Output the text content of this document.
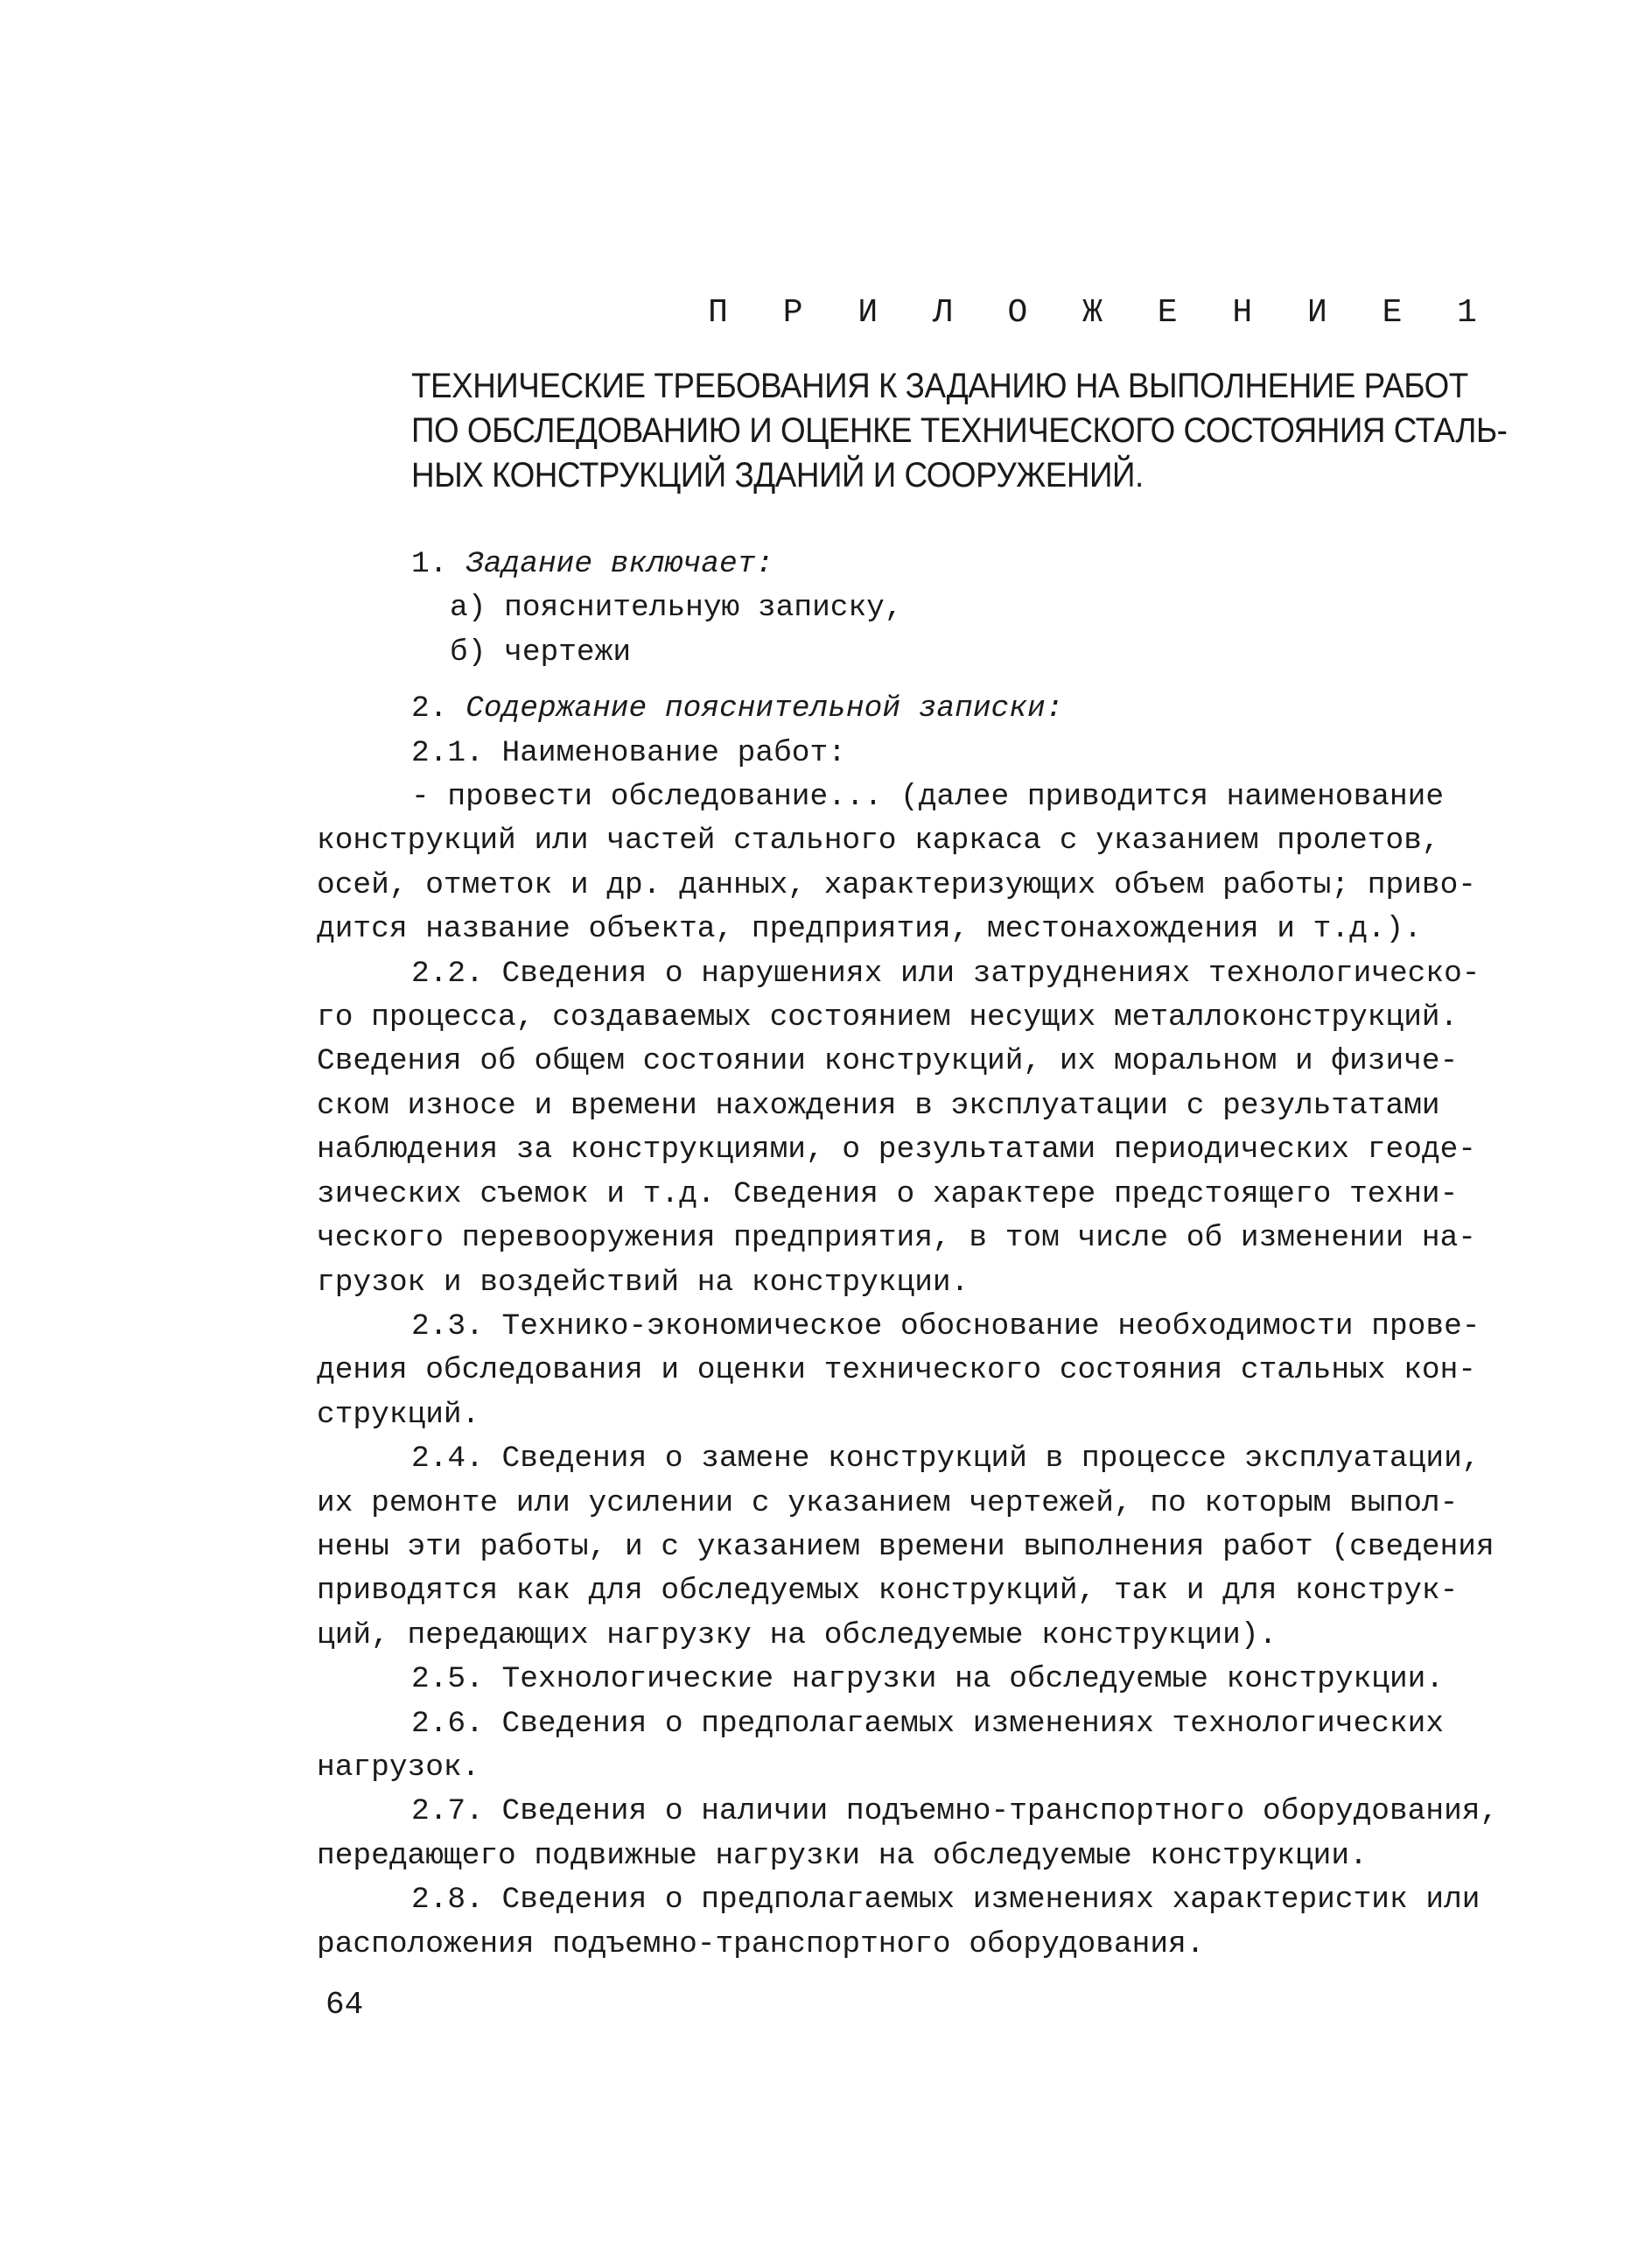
П Р И Л О Ж Е Н И Е 1
ТЕХНИЧЕСКИЕ ТРЕБОВАНИЯ К ЗАДАНИЮ НА ВЫПОЛНЕНИЕ РАБОТ
ПО ОБСЛЕДОВАНИЮ И ОЦЕНКЕ ТЕХНИЧЕСКОГО СОСТОЯНИЯ СТАЛЬ-
НЫХ КОНСТРУКЦИЙ ЗДАНИЙ И СООРУЖЕНИЙ.
1. Задание включает:
а) пояснительную записку,
б) чертежи
2. Содержание пояснительной записки:
2.1. Наименование работ:
- провести обследование... (далее приводится наименование
конструкций или частей стального каркаса с указанием пролетов,
осей, отметок и др. данных, характеризующих объем работы; приво-
дится название объекта, предприятия, местонахождения и т.д.).
2.2. Сведения о нарушениях или затруднениях технологическо-
го процесса, создаваемых состоянием несущих металлоконструкций.
Сведения об общем состоянии конструкций, их моральном и физиче-
ском износе и времени нахождения в эксплуатации с результатами
наблюдения за конструкциями, о результатами периодических геоде-
зических съемок и т.д. Сведения о характере предстоящего техни-
ческого перевооружения предприятия, в том числе об изменении на-
грузок и воздействий на конструкции.
2.3. Технико-экономическое обоснование необходимости прове-
дения обследования и оценки технического состояния стальных кон-
струкций.
2.4. Сведения о замене конструкций в процессе эксплуатации,
их ремонте или усилении с указанием чертежей, по которым выпол-
нены эти работы, и с указанием времени выполнения работ (сведения
приводятся как для обследуемых конструкций, так и для конструк-
ций, передающих нагрузку на обследуемые конструкции).
2.5. Технологические нагрузки на обследуемые конструкции.
2.6. Сведения о предполагаемых изменениях технологических
нагрузок.
2.7. Сведения о наличии подъемно-транспортного оборудования,
передающего подвижные нагрузки на обследуемые конструкции.
2.8. Сведения о предполагаемых изменениях характеристик или
расположения подъемно-транспортного оборудования.
64
